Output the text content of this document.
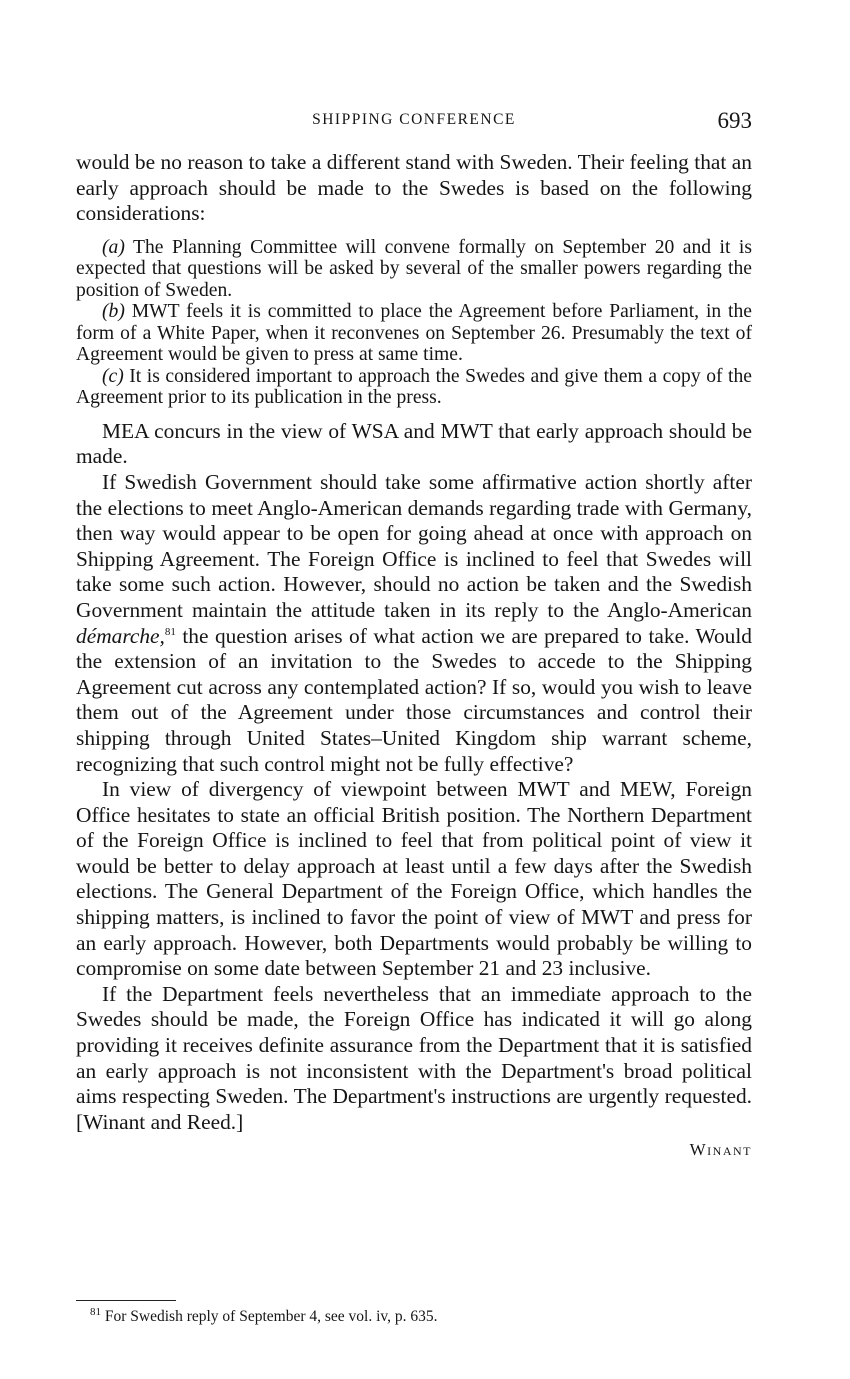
SHIPPING CONFERENCE	693

would be no reason to take a different stand with Sweden. Their feeling that an early approach should be made to the Swedes is based on the following considerations:

(a) The Planning Committee will convene formally on September 20 and it is expected that questions will be asked by several of the smaller powers regarding the position of Sweden.

(b) MWT feels it is committed to place the Agreement before Parliament, in the form of a White Paper, when it reconvenes on September 26. Presumably the text of Agreement would be given to press at same time.

(c) It is considered important to approach the Swedes and give them a copy of the Agreement prior to its publication in the press.

MEA concurs in the view of WSA and MWT that early approach should be made.

If Swedish Government should take some affirmative action shortly after the elections to meet Anglo-American demands regarding trade with Germany, then way would appear to be open for going ahead at once with approach on Shipping Agreement. The Foreign Office is inclined to feel that Swedes will take some such action. However, should no action be taken and the Swedish Government maintain the attitude taken in its reply to the Anglo-American démarche,$^{81}$ the question arises of what action we are prepared to take. Would the extension of an invitation to the Swedes to accede to the Shipping Agreement cut across any contemplated action? If so, would you wish to leave them out of the Agreement under those circumstances and control their shipping through United States–United Kingdom ship warrant scheme, recognizing that such control might not be fully effective?

In view of divergency of viewpoint between MWT and MEW, Foreign Office hesitates to state an official British position. The Northern Department of the Foreign Office is inclined to feel that from political point of view it would be better to delay approach at least until a few days after the Swedish elections. The General Department of the Foreign Office, which handles the shipping matters, is inclined to favor the point of view of MWT and press for an early approach. However, both Departments would probably be willing to compromise on some date between September 21 and 23 inclusive.

If the Department feels nevertheless that an immediate approach to the Swedes should be made, the Foreign Office has indicated it will go along providing it receives definite assurance from the Department that it is satisfied an early approach is not inconsistent with the Department's broad political aims respecting Sweden. The Department's instructions are urgently requested. [Winant and Reed.]

Winant
$^{81}$ For Swedish reply of September 4, see vol. iv, p. 635.
